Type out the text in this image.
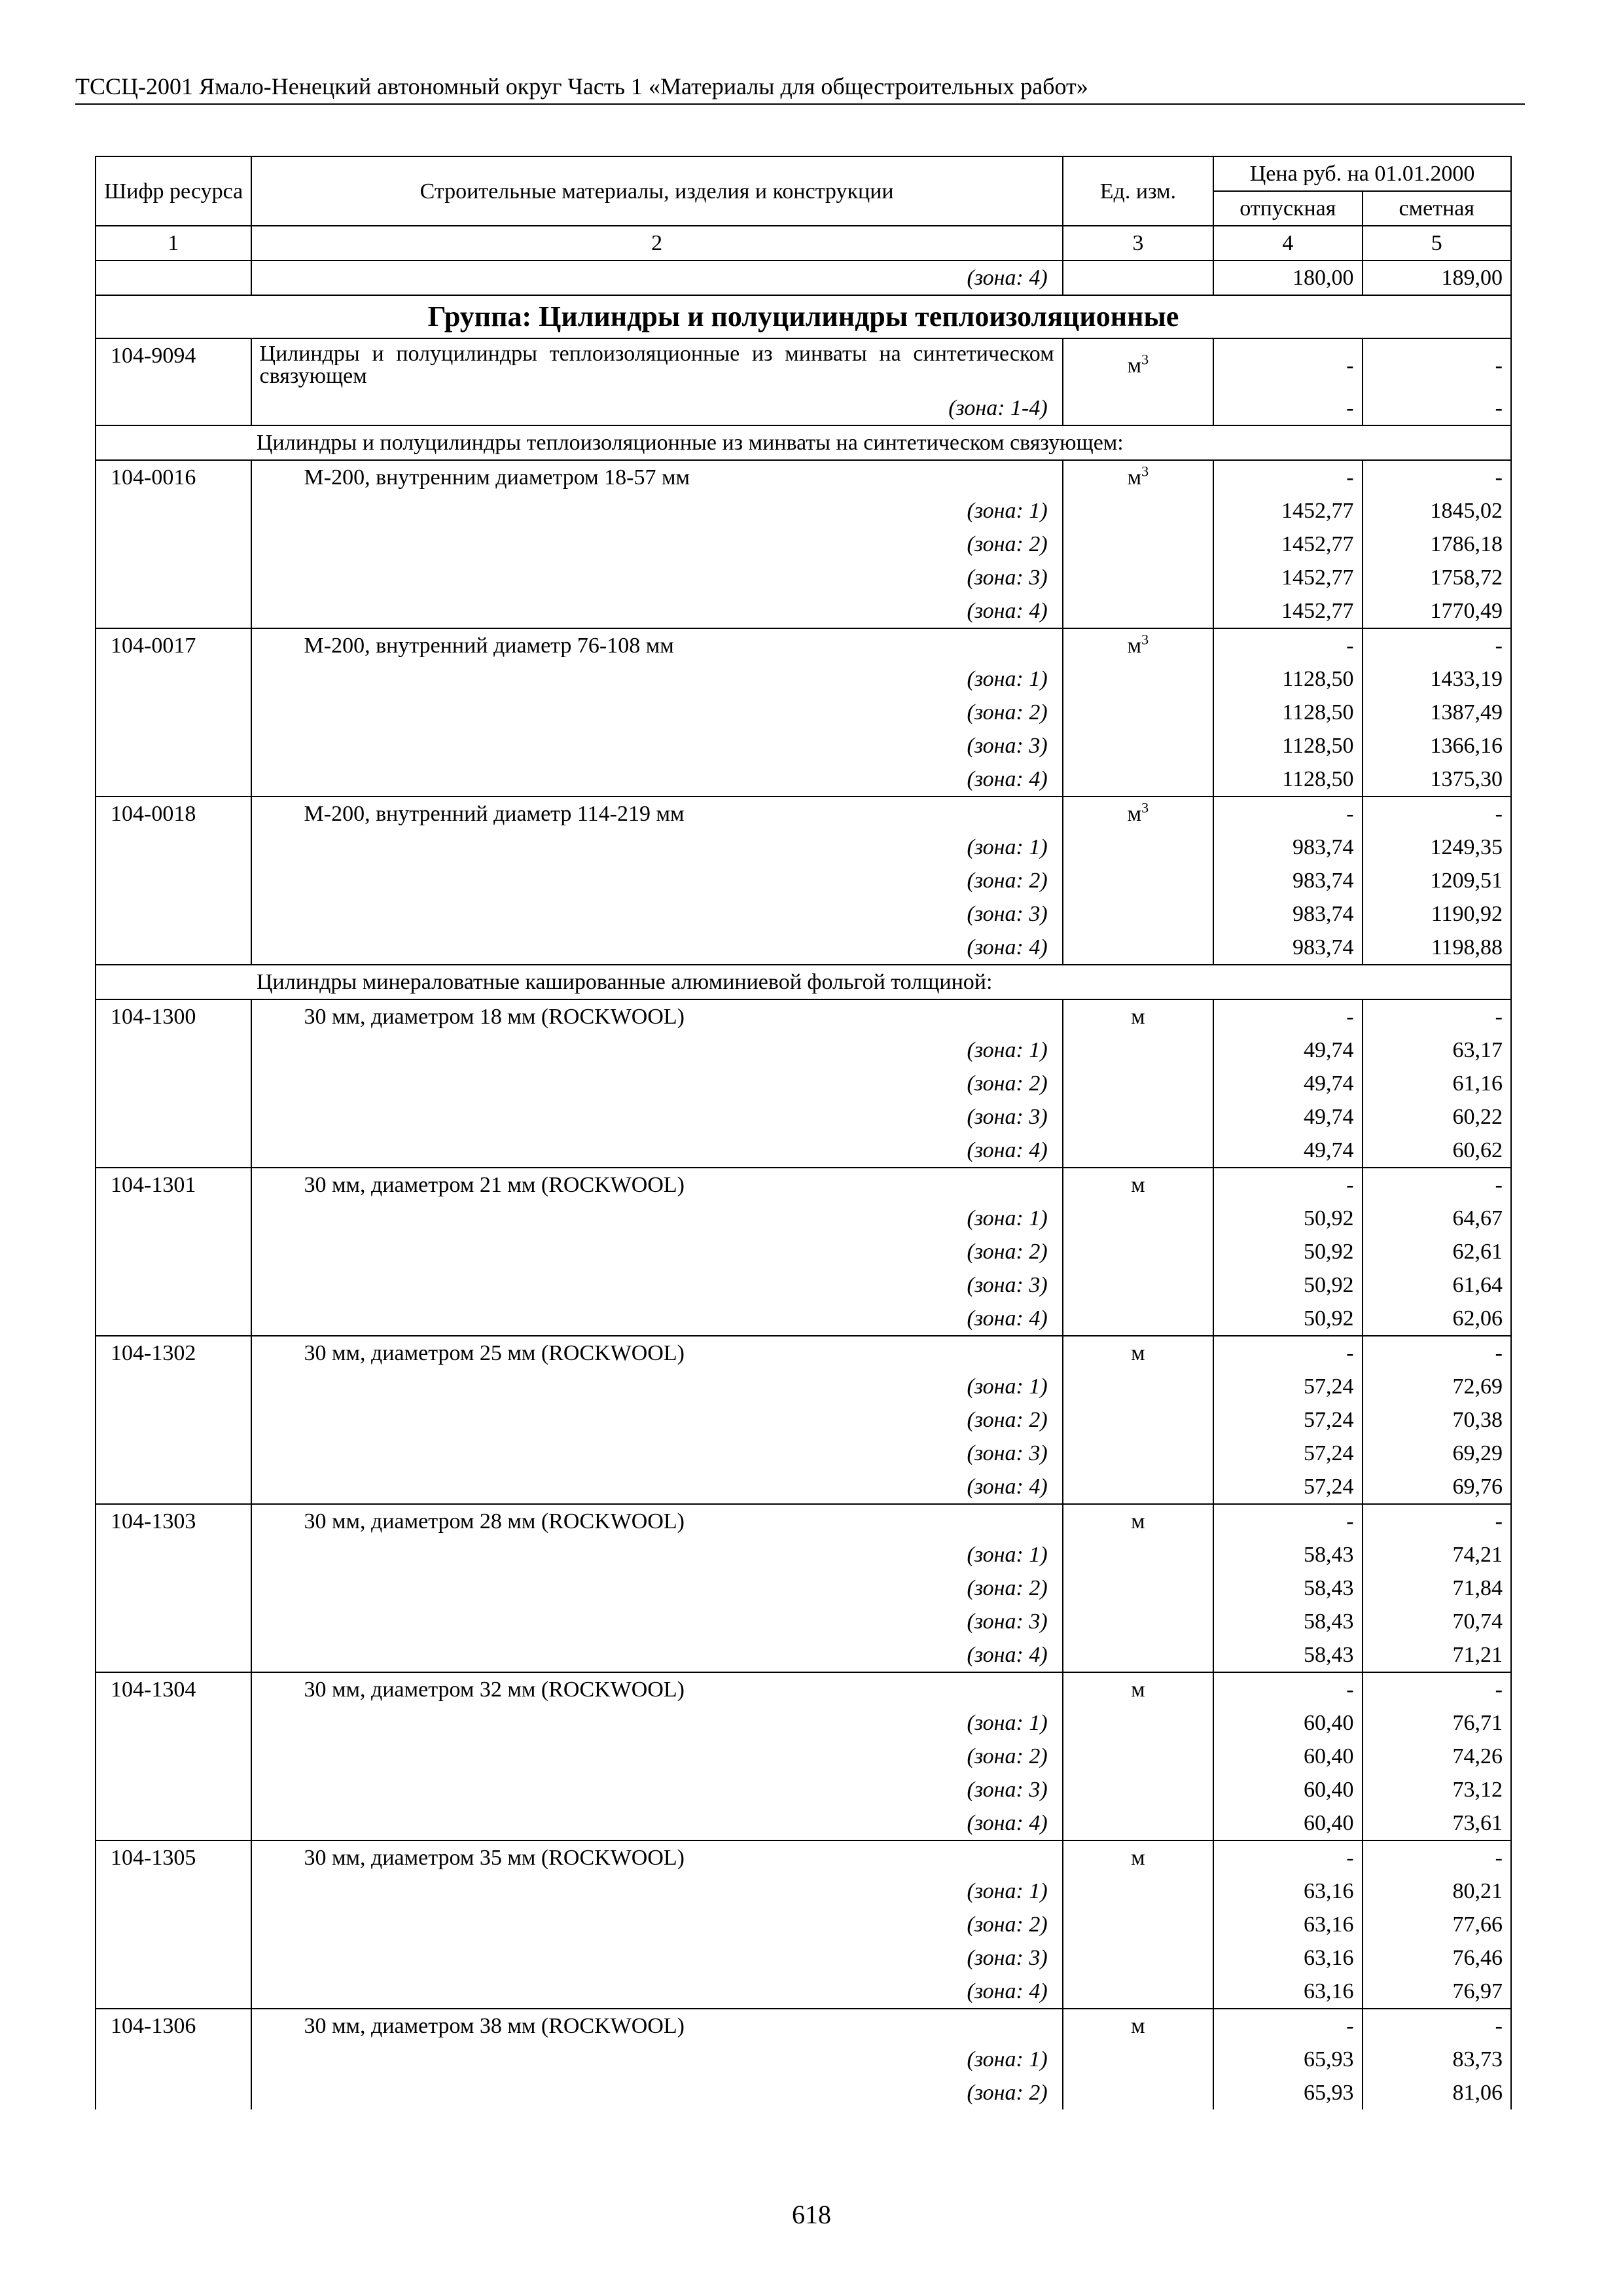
ТССЦ-2001 Ямало-Ненецкий автономный округ Часть 1 «Материалы для общестроительных работ»
Шифр ресурса	Строительные материалы, изделия и конструкции	Ед. изм.	Цена руб. на 01.01.2000	
			отпускная	сметная
1	2	3	4	5
	(зона: 4)		180,00	189,00
Группа: Цилиндры и полуцилиндры теплоизоляционные				
104-9094	Цилиндры и полуцилиндры теплоизоляционные из минваты на синтетическом связующем	$м^3$	-	-
	(зона: 1-4)		-	-
Цилиндры и полуцилиндры теплоизоляционные из минваты на синтетическом связующем:				
104-0016	М-200, внутренним диаметром 18-57 мм	$м^3$	-	-
	(зона: 1)		1452,77	1845,02
	(зона: 2)		1452,77	1786,18
	(зона: 3)		1452,77	1758,72
	(зона: 4)		1452,77	1770,49
104-0017	М-200, внутренний диаметр 76-108 мм	$м^3$	-	-
	(зона: 1)		1128,50	1433,19
	(зона: 2)		1128,50	1387,49
	(зона: 3)		1128,50	1366,16
	(зона: 4)		1128,50	1375,30
104-0018	М-200, внутренний диаметр 114-219 мм	$м^3$	-	-
	(зона: 1)		983,74	1249,35
	(зона: 2)		983,74	1209,51
	(зона: 3)		983,74	1190,92
	(зона: 4)		983,74	1198,88
Цилиндры минераловатные кашированные алюминиевой фольгой толщиной:				
104-1300	30 мм, диаметром 18 мм (ROCKWOOL)	м	-	-
	(зона: 1)		49,74	63,17
	(зона: 2)		49,74	61,16
	(зона: 3)		49,74	60,22
	(зона: 4)		49,74	60,62
104-1301	30 мм, диаметром 21 мм (ROCKWOOL)	м	-	-
	(зона: 1)		50,92	64,67
	(зона: 2)		50,92	62,61
	(зона: 3)		50,92	61,64
	(зона: 4)		50,92	62,06
104-1302	30 мм, диаметром 25 мм (ROCKWOOL)	м	-	-
	(зона: 1)		57,24	72,69
	(зона: 2)		57,24	70,38
	(зона: 3)		57,24	69,29
	(зона: 4)		57,24	69,76
104-1303	30 мм, диаметром 28 мм (ROCKWOOL)	м	-	-
	(зона: 1)		58,43	74,21
	(зона: 2)		58,43	71,84
	(зона: 3)		58,43	70,74
	(зона: 4)		58,43	71,21
104-1304	30 мм, диаметром 32 мм (ROCKWOOL)	м	-	-
	(зона: 1)		60,40	76,71
	(зона: 2)		60,40	74,26
	(зона: 3)		60,40	73,12
	(зона: 4)		60,40	73,61
104-1305	30 мм, диаметром 35 мм (ROCKWOOL)	м	-	-
	(зона: 1)		63,16	80,21
	(зона: 2)		63,16	77,66
	(зона: 3)		63,16	76,46
	(зона: 4)		63,16	76,97
104-1306	30 мм, диаметром 38 мм (ROCKWOOL)	м	-	-
	(зона: 1)		65,93	83,73
	(зона: 2)		65,93	81,06
618
